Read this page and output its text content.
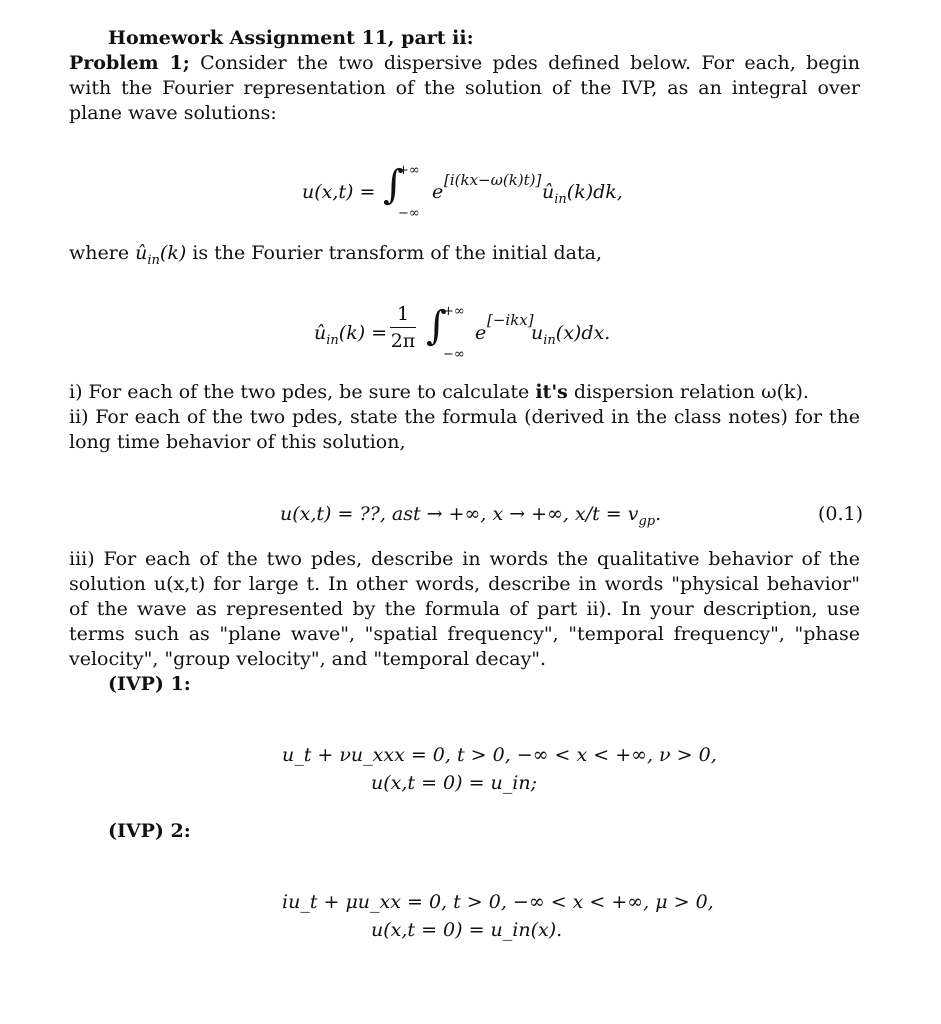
Homework Assignment 11, part ii:
Problem 1; Consider the two dispersive pdes defined below. For each, begin with the Fourier representation of the solution of the IVP, as an integral over plane wave solutions:
u(x,t) = ∫
+∞
−∞
e
[i(kx−ω(k)t)]
$û_{in}(k)dk$,
where $û_{in}(k)$ is the Fourier transform of the initial data,
$û_{in}(k)$ =
1
2π ∫
+∞
−∞
e
[−ikx]
$u_{in}(x)dx$.
i) For each of the two pdes, be sure to calculate it's dispersion relation ω(k).
ii) For each of the two pdes, state the formula (derived in the class notes) for the long time behavior of this solution,
u(x,t) = ??, ast → +∞, x → +∞, $x/t = v_{gp}$.	(0.1)
iii) For each of the two pdes, describe in words the qualitative behavior of the solution u(x,t) for large t. In other words, describe in words "physical behavior" of the wave as represented by the formula of part ii). In your description, use terms such as "plane wave", "spatial frequency", "temporal frequency", "phase velocity", "group velocity", and "temporal decay".
(IVP) 1:
u_t + νu_xxx = 0, t > 0, −∞ < x < +∞, ν > 0,
u(x,t = 0) = u_in;
(IVP) 2:
iu_t + μu_xx = 0, t > 0, −∞ < x < +∞, μ > 0,
u(x,t = 0) = u_in(x).
